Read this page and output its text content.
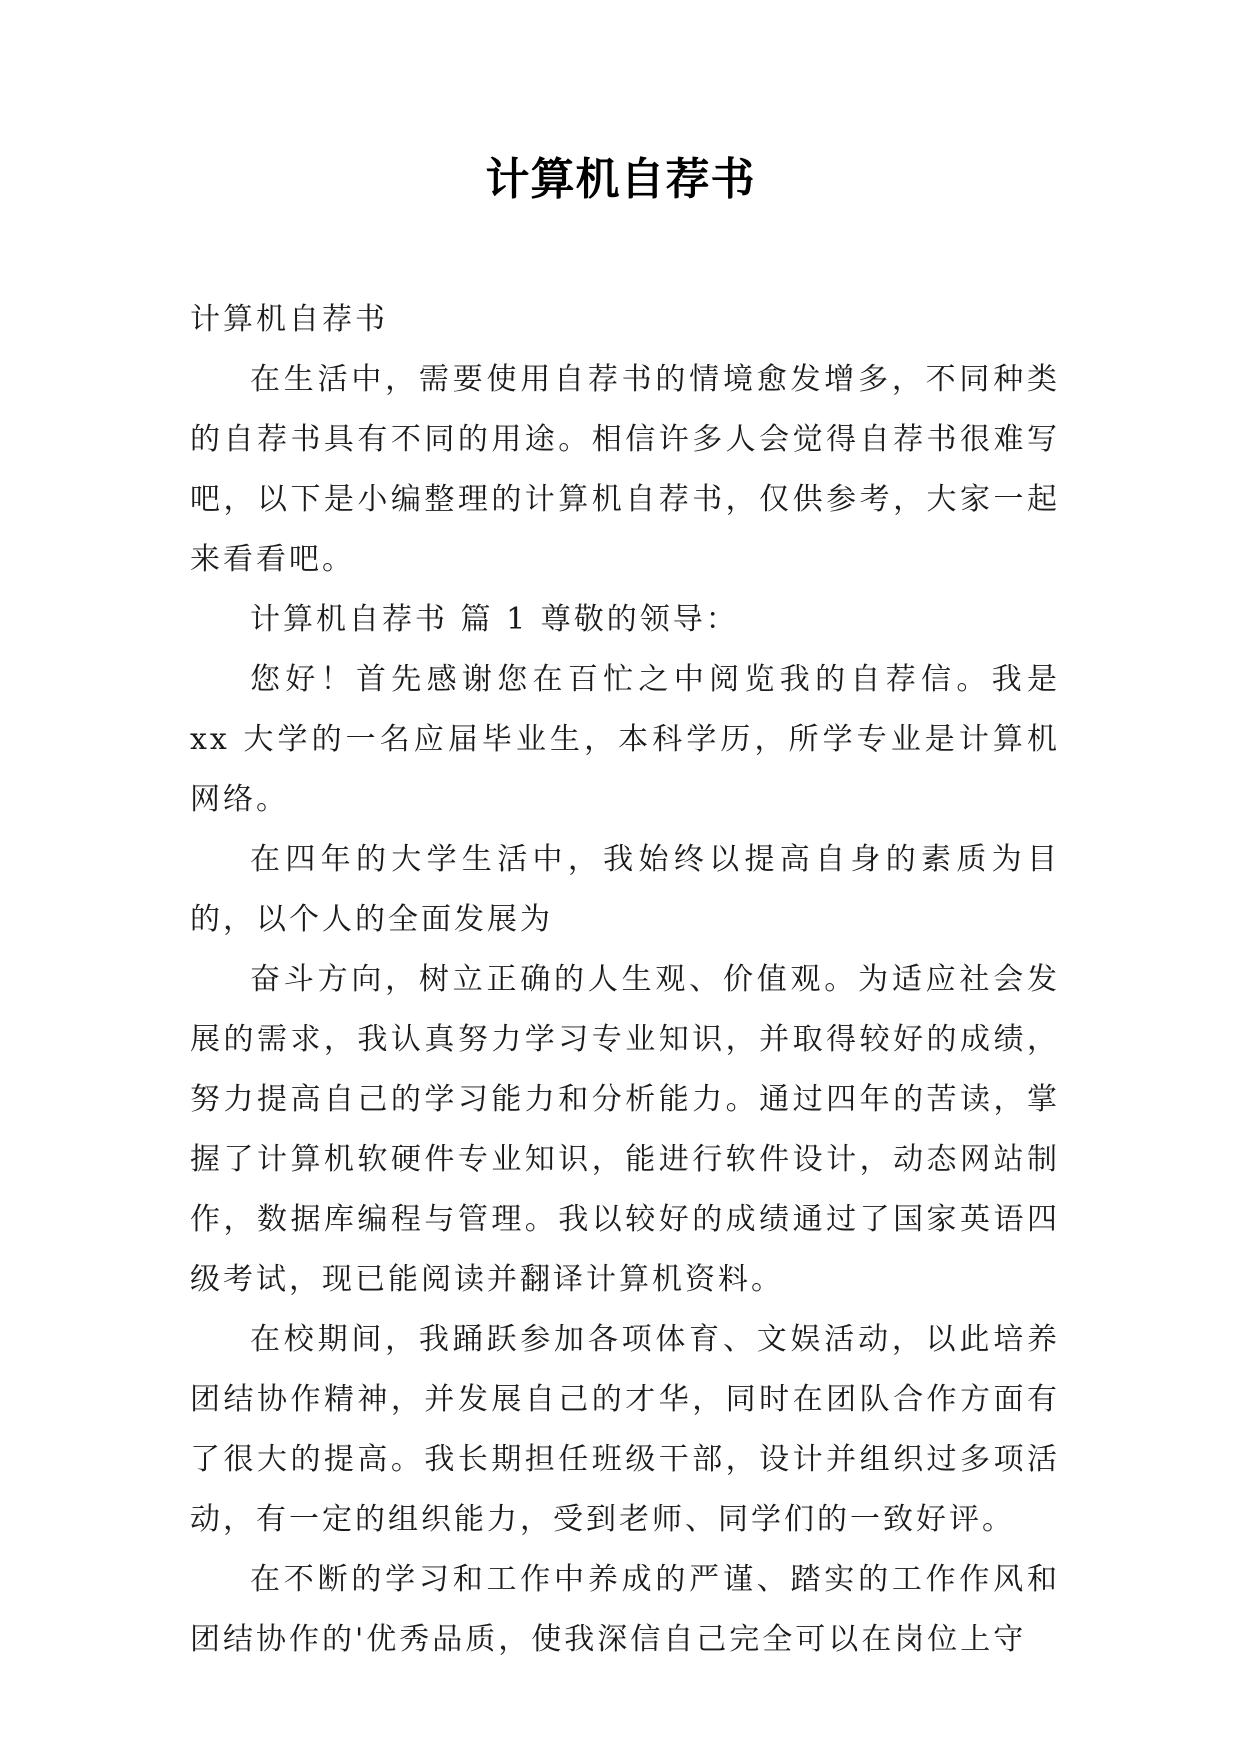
计算机自荐书

计算机自荐书

在生活中，需要使用自荐书的情境愈发增多，不同种类的自荐书具有不同的用途。相信许多人会觉得自荐书很难写吧，以下是小编整理的计算机自荐书，仅供参考，大家一起来看看吧。

计算机自荐书 篇 1 尊敬的领导：

您好！首先感谢您在百忙之中阅览我的自荐信。我是 xx 大学的一名应届毕业生，本科学历，所学专业是计算机网络。

在四年的大学生活中，我始终以提高自身的素质为目的，以个人的全面发展为

奋斗方向，树立正确的人生观、价值观。为适应社会发展的需求，我认真努力学习专业知识，并取得较好的成绩，努力提高自己的学习能力和分析能力。通过四年的苦读，掌握了计算机软硬件专业知识，能进行软件设计，动态网站制作，数据库编程与管理。我以较好的成绩通过了国家英语四级考试，现已能阅读并翻译计算机资料。

在校期间，我踊跃参加各项体育、文娱活动，以此培养团结协作精神，并发展自己的才华，同时在团队合作方面有了很大的提高。我长期担任班级干部，设计并组织过多项活动，有一定的组织能力，受到老师、同学们的一致好评。

在不断的学习和工作中养成的严谨、踏实的工作作风和团结协作的'优秀品质，使我深信自己完全可以在岗位上守
